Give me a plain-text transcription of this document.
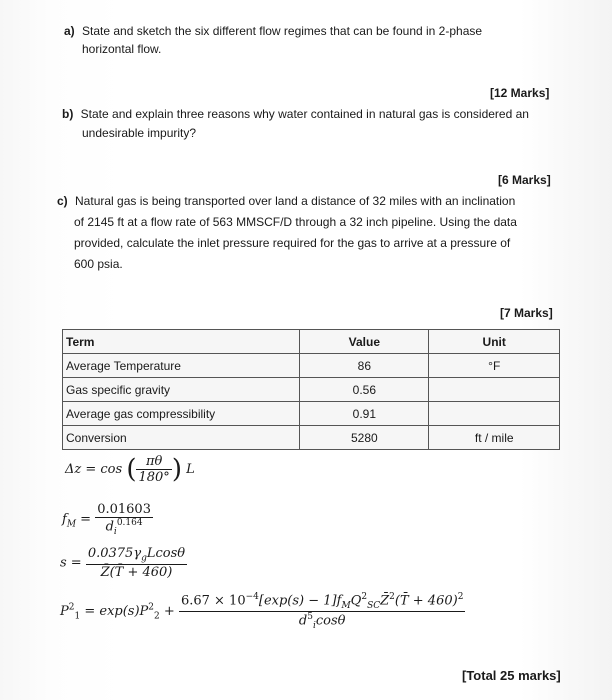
a) State and sketch the six different flow regimes that can be found in 2-phase
horizontal flow.
[12 Marks]
b) State and explain three reasons why water contained in natural gas is considered an
undesirable impurity?
[6 Marks]
c) Natural gas is being transported over land a distance of 32 miles with an inclination
of 2145 ft at a flow rate of 563 MMSCF/D through a 32 inch pipeline. Using the data
provided, calculate the inlet pressure required for the gas to arrive at a pressure of
600 psia.
[7 Marks]
Term	Value	Unit
Average Temperature	86	°F
Gas specific gravity	0.56	
Average gas compressibility	0.91	
Conversion	5280	ft / mile
Δz = cos ( $\frac{\pi\theta}{180^\circ}$ ) L
$f_M = \frac{0.01603}{d_i^{0.164}}$
$s = \frac{0.0375\gamma_gLcos\theta}{Z̄(T̄ + 460)}$
$P^2_1 = \exp(s)P^2_2 + \frac{6.67 \times 10^{-4}[\exp(s) - 1]f_MQ^2_{SC}Z̄^2(T̄ + 460)^2}{d^5_i\cos\theta}$
[Total 25 marks]
